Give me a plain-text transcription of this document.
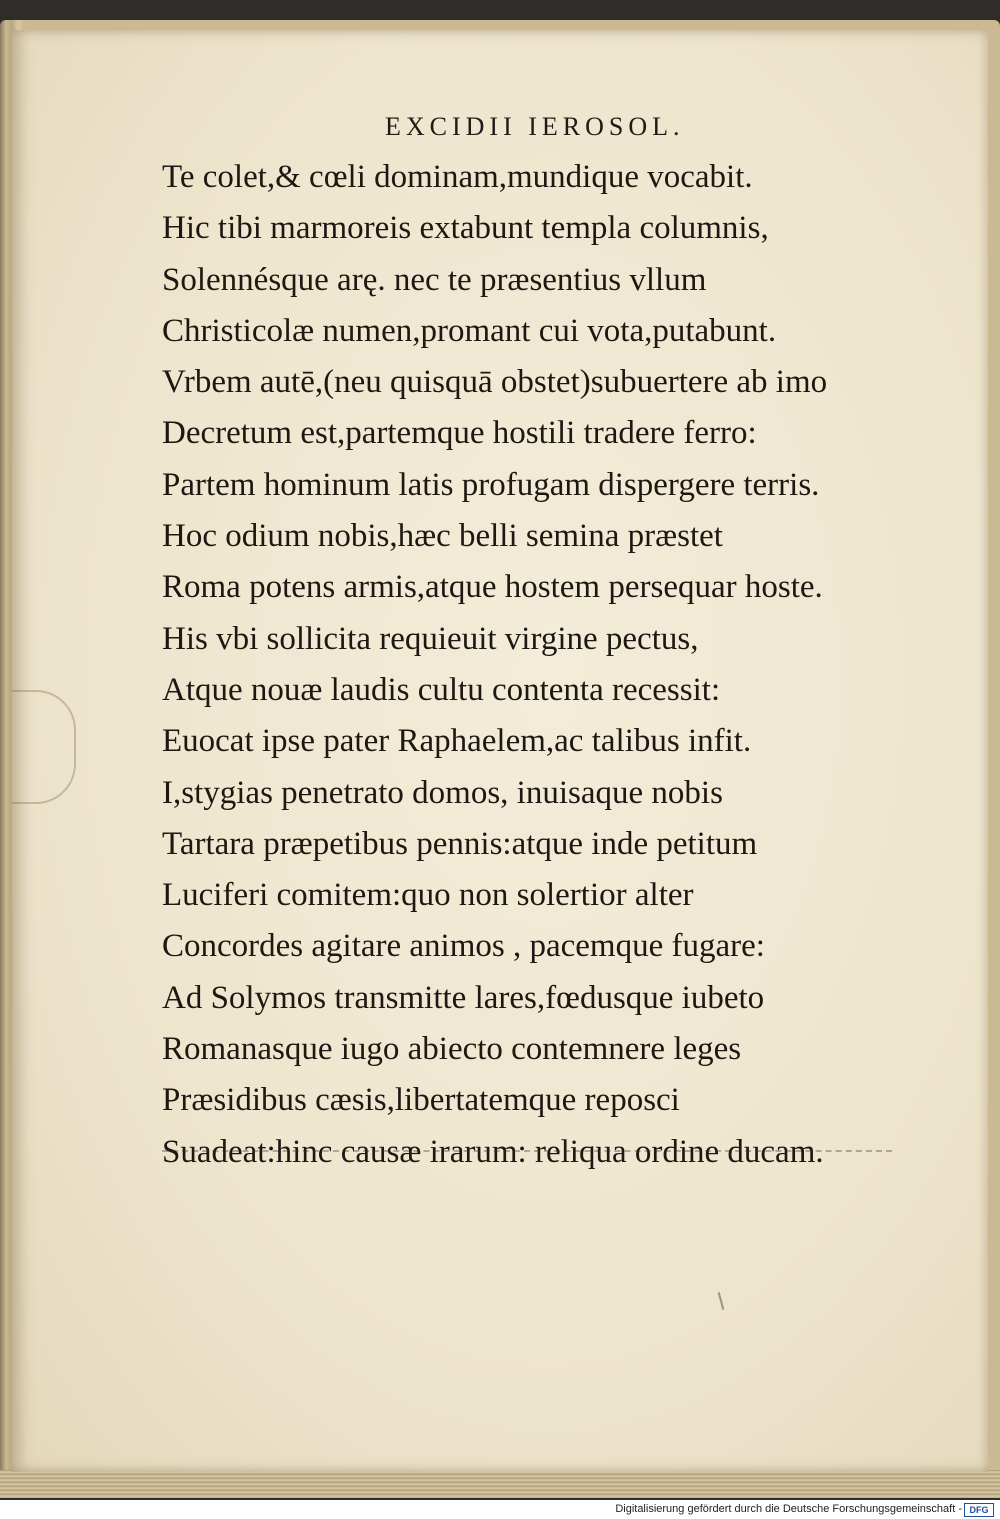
EXCIDII IEROSOL.
Te colet,& cœli dominam,mundique vocabit.
Hic tibi marmoreis extabunt templa columnis,
Solennésque arę. nec te præsentius vllum
Christicolæ numen,promant cui vota,putabunt.
Vrbem autē,(neu quisquā obstet)subuertere ab imo
Decretum est,partemque hostili tradere ferro:
Partem hominum latis profugam dispergere terris.
Hoc odium nobis,hæc belli semina præstet
Roma potens armis,atque hostem persequar hoste.
His vbi sollicita requieuit virgine pectus,
Atque nouæ laudis cultu contenta recessit:
Euocat ipse pater Raphaelem,ac talibus infit.
I,stygias penetrato domos, inuisaque nobis
Tartara præpetibus pennis:atque inde petitum
Luciferi comitem:quo non solertior alter
Concordes agitare animos , pacemque fugare:
Ad Solymos transmitte lares,fœdusque iubeto
Romanasque iugo abiecto contemnere leges
Præsidibus cæsis,libertatemque reposci
Suadeat:hinc causæ irarum: reliqua ordine ducam.
Digitalisierung gefördert durch die Deutsche Forschungsgemeinschaft - DFG
